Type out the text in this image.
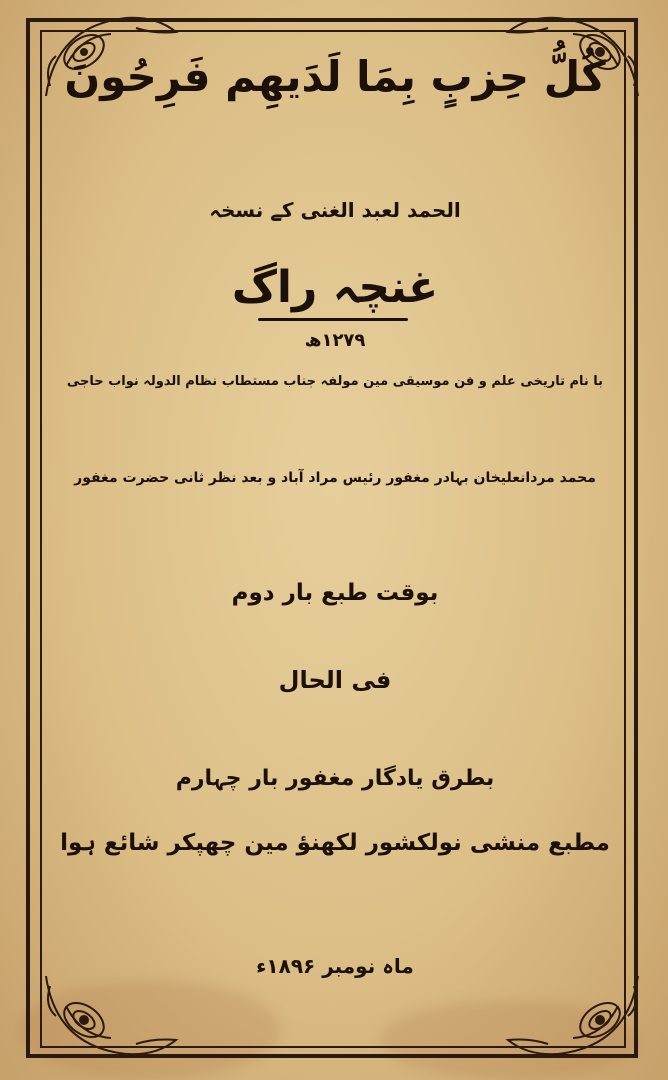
کُلُّ حِزبٍ بِمَا لَدَیهِم فَرِحُونَ
الحمد لعبد الغنی کے نسخہ
غنچہ راگ
۱۲۷۹ھ
با نام تاریخی علم و فن موسیقی مین مولفہ جناب مستطاب نظام الدولہ نواب حاجی
محمد مردانعلیخان بہادر مغفور رئیس مراد آباد و بعد نظر ثانی حضرت مغفور
بوقت طبع بار دوم
فی الحال
بطرق یادگار مغفور بار چہارم
مطبع منشی نولکشور لکھنؤ مین چھپکر شائع ہوا
ماہ نومبر ۱۸۹۶ء
